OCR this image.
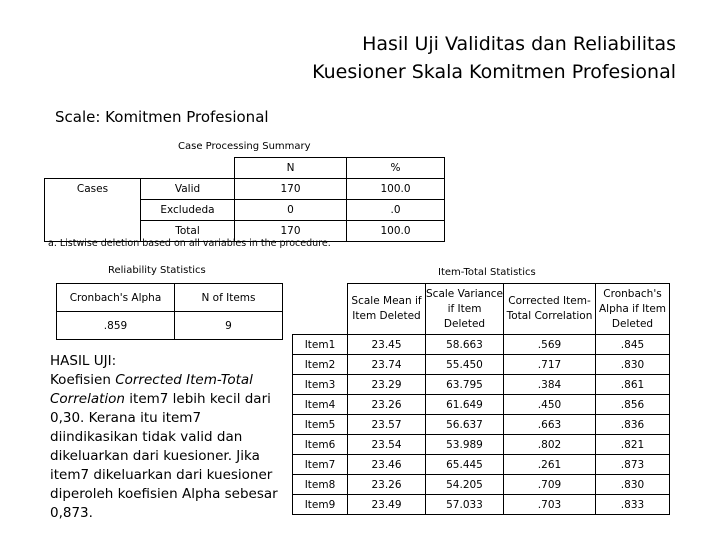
Hasil Uji Validitas dan Reliabilitas
Kuesioner Skala Komitmen Profesional
Scale: Komitmen Profesional
Case Processing Summary
		N	%
Cases	Valid	170	100.0
	Excludeda	0	.0
	Total	170	100.0
a. Listwise deletion based on all variables in the procedure.
Reliability Statistics
Cronbach's Alpha	N of Items
.859	9
HASIL UJI:
Koefisien Corrected Item-Total Correlation item7 lebih kecil dari 0,30. Kerana itu item7 diindikasikan tidak valid dan dikeluarkan dari kuesioner. Jika item7 dikeluarkan dari kuesioner diperoleh koefisien Alpha sebesar 0,873.
Item-Total Statistics
	Scale Mean if Item Deleted	Scale Variance if Item Deleted	Corrected Item-Total Correlation	Cronbach's Alpha if Item Deleted
Item1	23.45	58.663	.569	.845
Item2	23.74	55.450	.717	.830
Item3	23.29	63.795	.384	.861
Item4	23.26	61.649	.450	.856
Item5	23.57	56.637	.663	.836
Item6	23.54	53.989	.802	.821
Item7	23.46	65.445	.261	.873
Item8	23.26	54.205	.709	.830
Item9	23.49	57.033	.703	.833
